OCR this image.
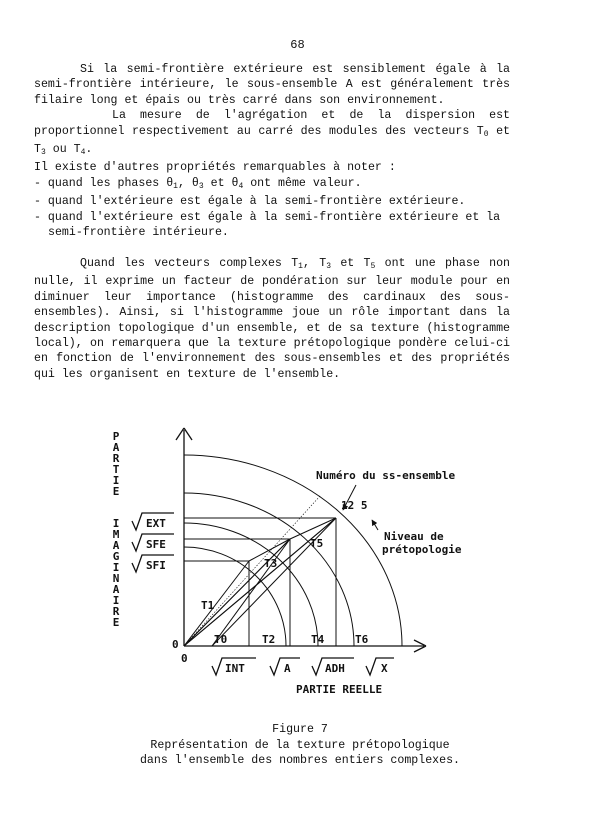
68

Si la semi-frontière extérieure est sensiblement égale à la semi-frontière intérieure, le sous-ensemble A est généralement très filaire long et épais ou très carré dans son environnement.

La mesure de l'agrégation et de la dispersion est proportionnel respectivement au carré des modules des vecteurs $T_0$ et $T_3$ ou $T_4$.

Il existe d'autres propriétés remarquables à noter :

- quand les phases $\theta_1$, $\theta_3$ et $\theta_4$ ont même valeur.

- quand l'extérieure est égale à la semi-frontière extérieure.

- quand l'extérieure est égale à la semi-frontière extérieure et la semi-frontière intérieure.

Quand les vecteurs complexes $T_1$, $T_3$ et $T_5$ ont une phase non nulle, il exprime un facteur de pondération sur leur module pour en diminuer leur importance (histogramme des cardinaux des sous-ensembles). Ainsi, si l'histogramme joue un rôle important dans la description topologique d'un ensemble, et de sa texture (histogramme local), on remarquera que la texture prétopologique pondère celui-ci en fonction de l'environnement des sous-ensembles et des propriétés qui les organisent en texture de l'ensemble.

P
A
R
T
I
E
I
M
A
G
I
N
A
I
R
E
EXT
SFE
SFI
0
0
T0	T2	T4	T6
T1
T3
T5
INT	A	ADH	X
PARTIE REELLE
Numéro du ss-ensemble
12 5
Niveau de
prétopologie
Figure 7
Représentation de la texture prétopologique
dans l'ensemble des nombres entiers complexes.
